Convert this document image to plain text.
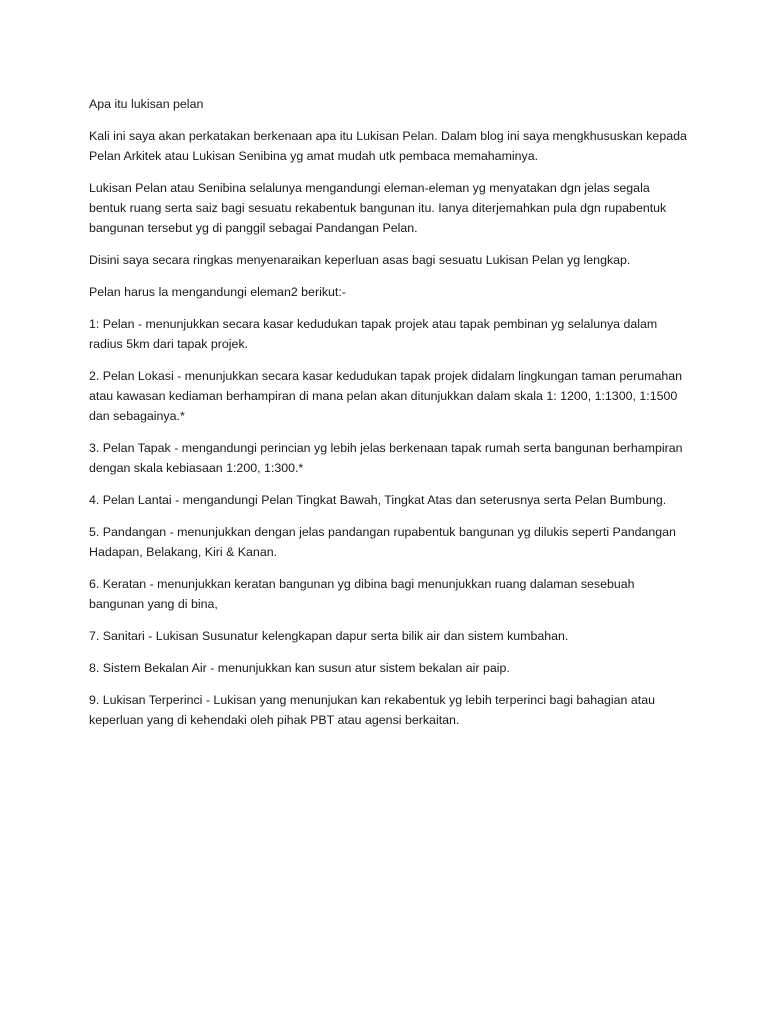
Apa itu lukisan pelan

Kali ini saya akan perkatakan berkenaan apa itu Lukisan Pelan. Dalam blog ini saya mengkhususkan kepada Pelan Arkitek atau Lukisan Senibina yg amat mudah utk pembaca memahaminya.

Lukisan Pelan atau Senibina selalunya mengandungi eleman-eleman yg menyatakan dgn jelas segala bentuk ruang serta saiz bagi sesuatu rekabentuk bangunan itu. Ianya diterjemahkan pula dgn rupabentuk bangunan tersebut yg di panggil sebagai Pandangan Pelan.

Disini saya secara ringkas menyenaraikan keperluan asas bagi sesuatu Lukisan Pelan yg lengkap.

Pelan harus la mengandungi eleman2 berikut:-

1: Pelan - menunjukkan secara kasar kedudukan tapak projek atau tapak pembinan yg selalunya dalam radius 5km dari tapak projek.

2. Pelan Lokasi - menunjukkan secara kasar kedudukan tapak projek didalam lingkungan taman perumahan atau kawasan kediaman berhampiran di mana pelan akan ditunjukkan dalam skala 1: 1200, 1:1300, 1:1500 dan sebagainya.*

3. Pelan Tapak - mengandungi perincian yg lebih jelas berkenaan tapak rumah serta bangunan berhampiran dengan skala kebiasaan 1:200, 1:300.*

4. Pelan Lantai - mengandungi Pelan Tingkat Bawah, Tingkat Atas dan seterusnya serta Pelan Bumbung.

5. Pandangan - menunjukkan dengan jelas pandangan rupabentuk bangunan yg dilukis seperti Pandangan Hadapan, Belakang, Kiri & Kanan.

6. Keratan - menunjukkan keratan bangunan yg dibina bagi menunjukkan ruang dalaman sesebuah bangunan yang di bina,

7. Sanitari - Lukisan Susunatur kelengkapan dapur serta bilik air dan sistem kumbahan.

8. Sistem Bekalan Air - menunjukkan kan susun atur sistem bekalan air paip.

9. Lukisan Terperinci - Lukisan yang menunjukan kan rekabentuk yg lebih terperinci bagi bahagian atau keperluan yang di kehendaki oleh pihak PBT atau agensi berkaitan.
